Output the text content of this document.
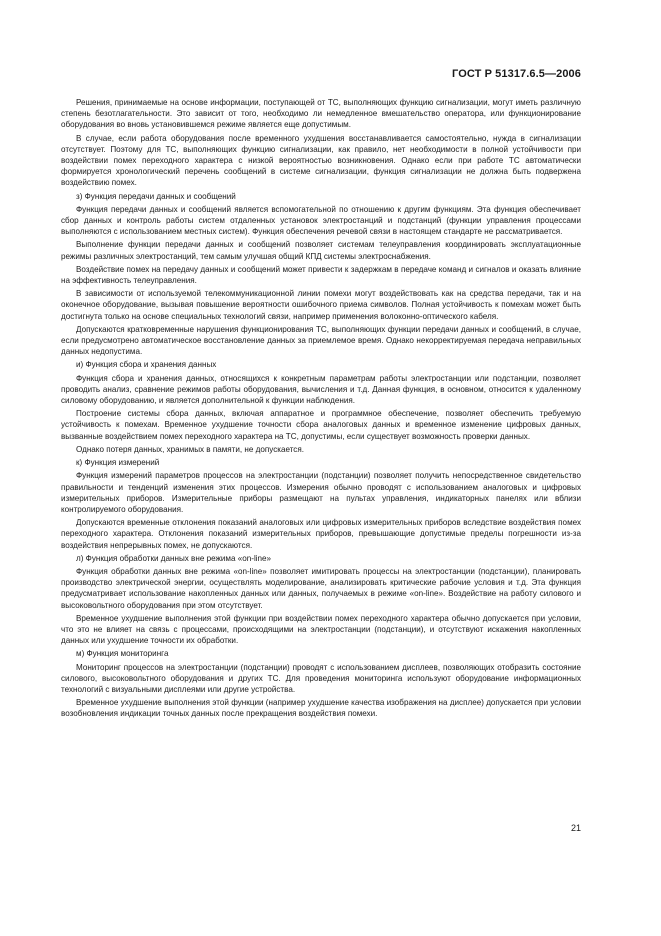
ГОСТ Р 51317.6.5—2006

Решения, принимаемые на основе информации, поступающей от ТС, выполняющих функцию сигнализации, могут иметь различную степень безотлагательности. Это зависит от того, необходимо ли немедленное вмешательство оператора, или функционирование оборудования во вновь установившемся режиме является еще допустимым.

В случае, если работа оборудования после временного ухудшения восстанавливается самостоятельно, нужда в сигнализации отсутствует. Поэтому для ТС, выполняющих функцию сигнализации, как правило, нет необходимости в полной устойчивости при воздействии помех переходного характера с низкой вероятностью возникновения. Однако если при работе ТС автоматически формируется хронологический перечень сообщений в системе сигнализации, функция сигнализации не должна быть подвержена воздействию помех.

з) Функция передачи данных и сообщений

Функция передачи данных и сообщений является вспомогательной по отношению к другим функциям. Эта функция обеспечивает сбор данных и контроль работы систем отдаленных установок электростанций и подстанций (функции управления процессами выполняются с использованием местных систем). Функция обеспечения речевой связи в настоящем стандарте не рассматривается.

Выполнение функции передачи данных и сообщений позволяет системам телеуправления координировать эксплуатационные режимы различных электростанций, тем самым улучшая общий КПД системы электроснабжения.

Воздействие помех на передачу данных и сообщений может привести к задержкам в передаче команд и сигналов и оказать влияние на эффективность телеуправления.

В зависимости от используемой телекоммуникационной линии помехи могут воздействовать как на средства передачи, так и на оконечное оборудование, вызывая повышение вероятности ошибочного приема символов. Полная устойчивость к помехам может быть достигнута только на основе специальных технологий связи, например применения волоконно-оптического кабеля.

Допускаются кратковременные нарушения функционирования ТС, выполняющих функции передачи данных и сообщений, в случае, если предусмотрено автоматическое восстановление данных за приемлемое время. Однако некорректируемая передача неправильных данных недопустима.

и) Функция сбора и хранения данных

Функция сбора и хранения данных, относящихся к конкретным параметрам работы электростанции или подстанции, позволяет проводить анализ, сравнение режимов работы оборудования, вычисления и т.д. Данная функция, в основном, относится к удаленному силовому оборудованию, и является дополнительной к функции наблюдения.

Построение системы сбора данных, включая аппаратное и программное обеспечение, позволяет обеспечить требуемую устойчивость к помехам. Временное ухудшение точности сбора аналоговых данных и временное изменение цифровых данных, вызванные воздействием помех переходного характера на ТС, допустимы, если существует возможность проверки данных.

Однако потеря данных, хранимых в памяти, не допускается.

к) Функция измерений

Функция измерений параметров процессов на электростанции (подстанции) позволяет получить непосредственное свидетельство правильности и тенденций изменения этих процессов. Измерения обычно проводят с использованием аналоговых и цифровых измерительных приборов. Измерительные приборы размещают на пультах управления, индикаторных панелях или вблизи контролируемого оборудования.

Допускаются временные отклонения показаний аналоговых или цифровых измерительных приборов вследствие воздействия помех переходного характера. Отклонения показаний измерительных приборов, превышающие допустимые пределы погрешности из-за воздействия непрерывных помех, не допускаются.

л) Функция обработки данных вне режима «on-line»

Функция обработки данных вне режима «on-line» позволяет имитировать процессы на электростанции (подстанции), планировать производство электрической энергии, осуществлять моделирование, анализировать критические рабочие условия и т.д. Эта функция предусматривает использование накопленных данных или данных, получаемых в режиме «on-line». Воздействие на работу силового и высоковольтного оборудования при этом отсутствует.

Временное ухудшение выполнения этой функции при воздействии помех переходного характера обычно допускается при условии, что это не влияет на связь с процессами, происходящими на электростанции (подстанции), и отсутствуют искажения накопленных данных или ухудшение точности их обработки.

м) Функция мониторинга

Мониторинг процессов на электростанции (подстанции) проводят с использованием дисплеев, позволяющих отобразить состояние силового, высоковольтного оборудования и других ТС. Для проведения мониторинга используют оборудование информационных технологий с визуальными дисплеями или другие устройства.

Временное ухудшение выполнения этой функции (например ухудшение качества изображения на дисплее) допускается при условии возобновления индикации точных данных после прекращения воздействия помехи.

21
